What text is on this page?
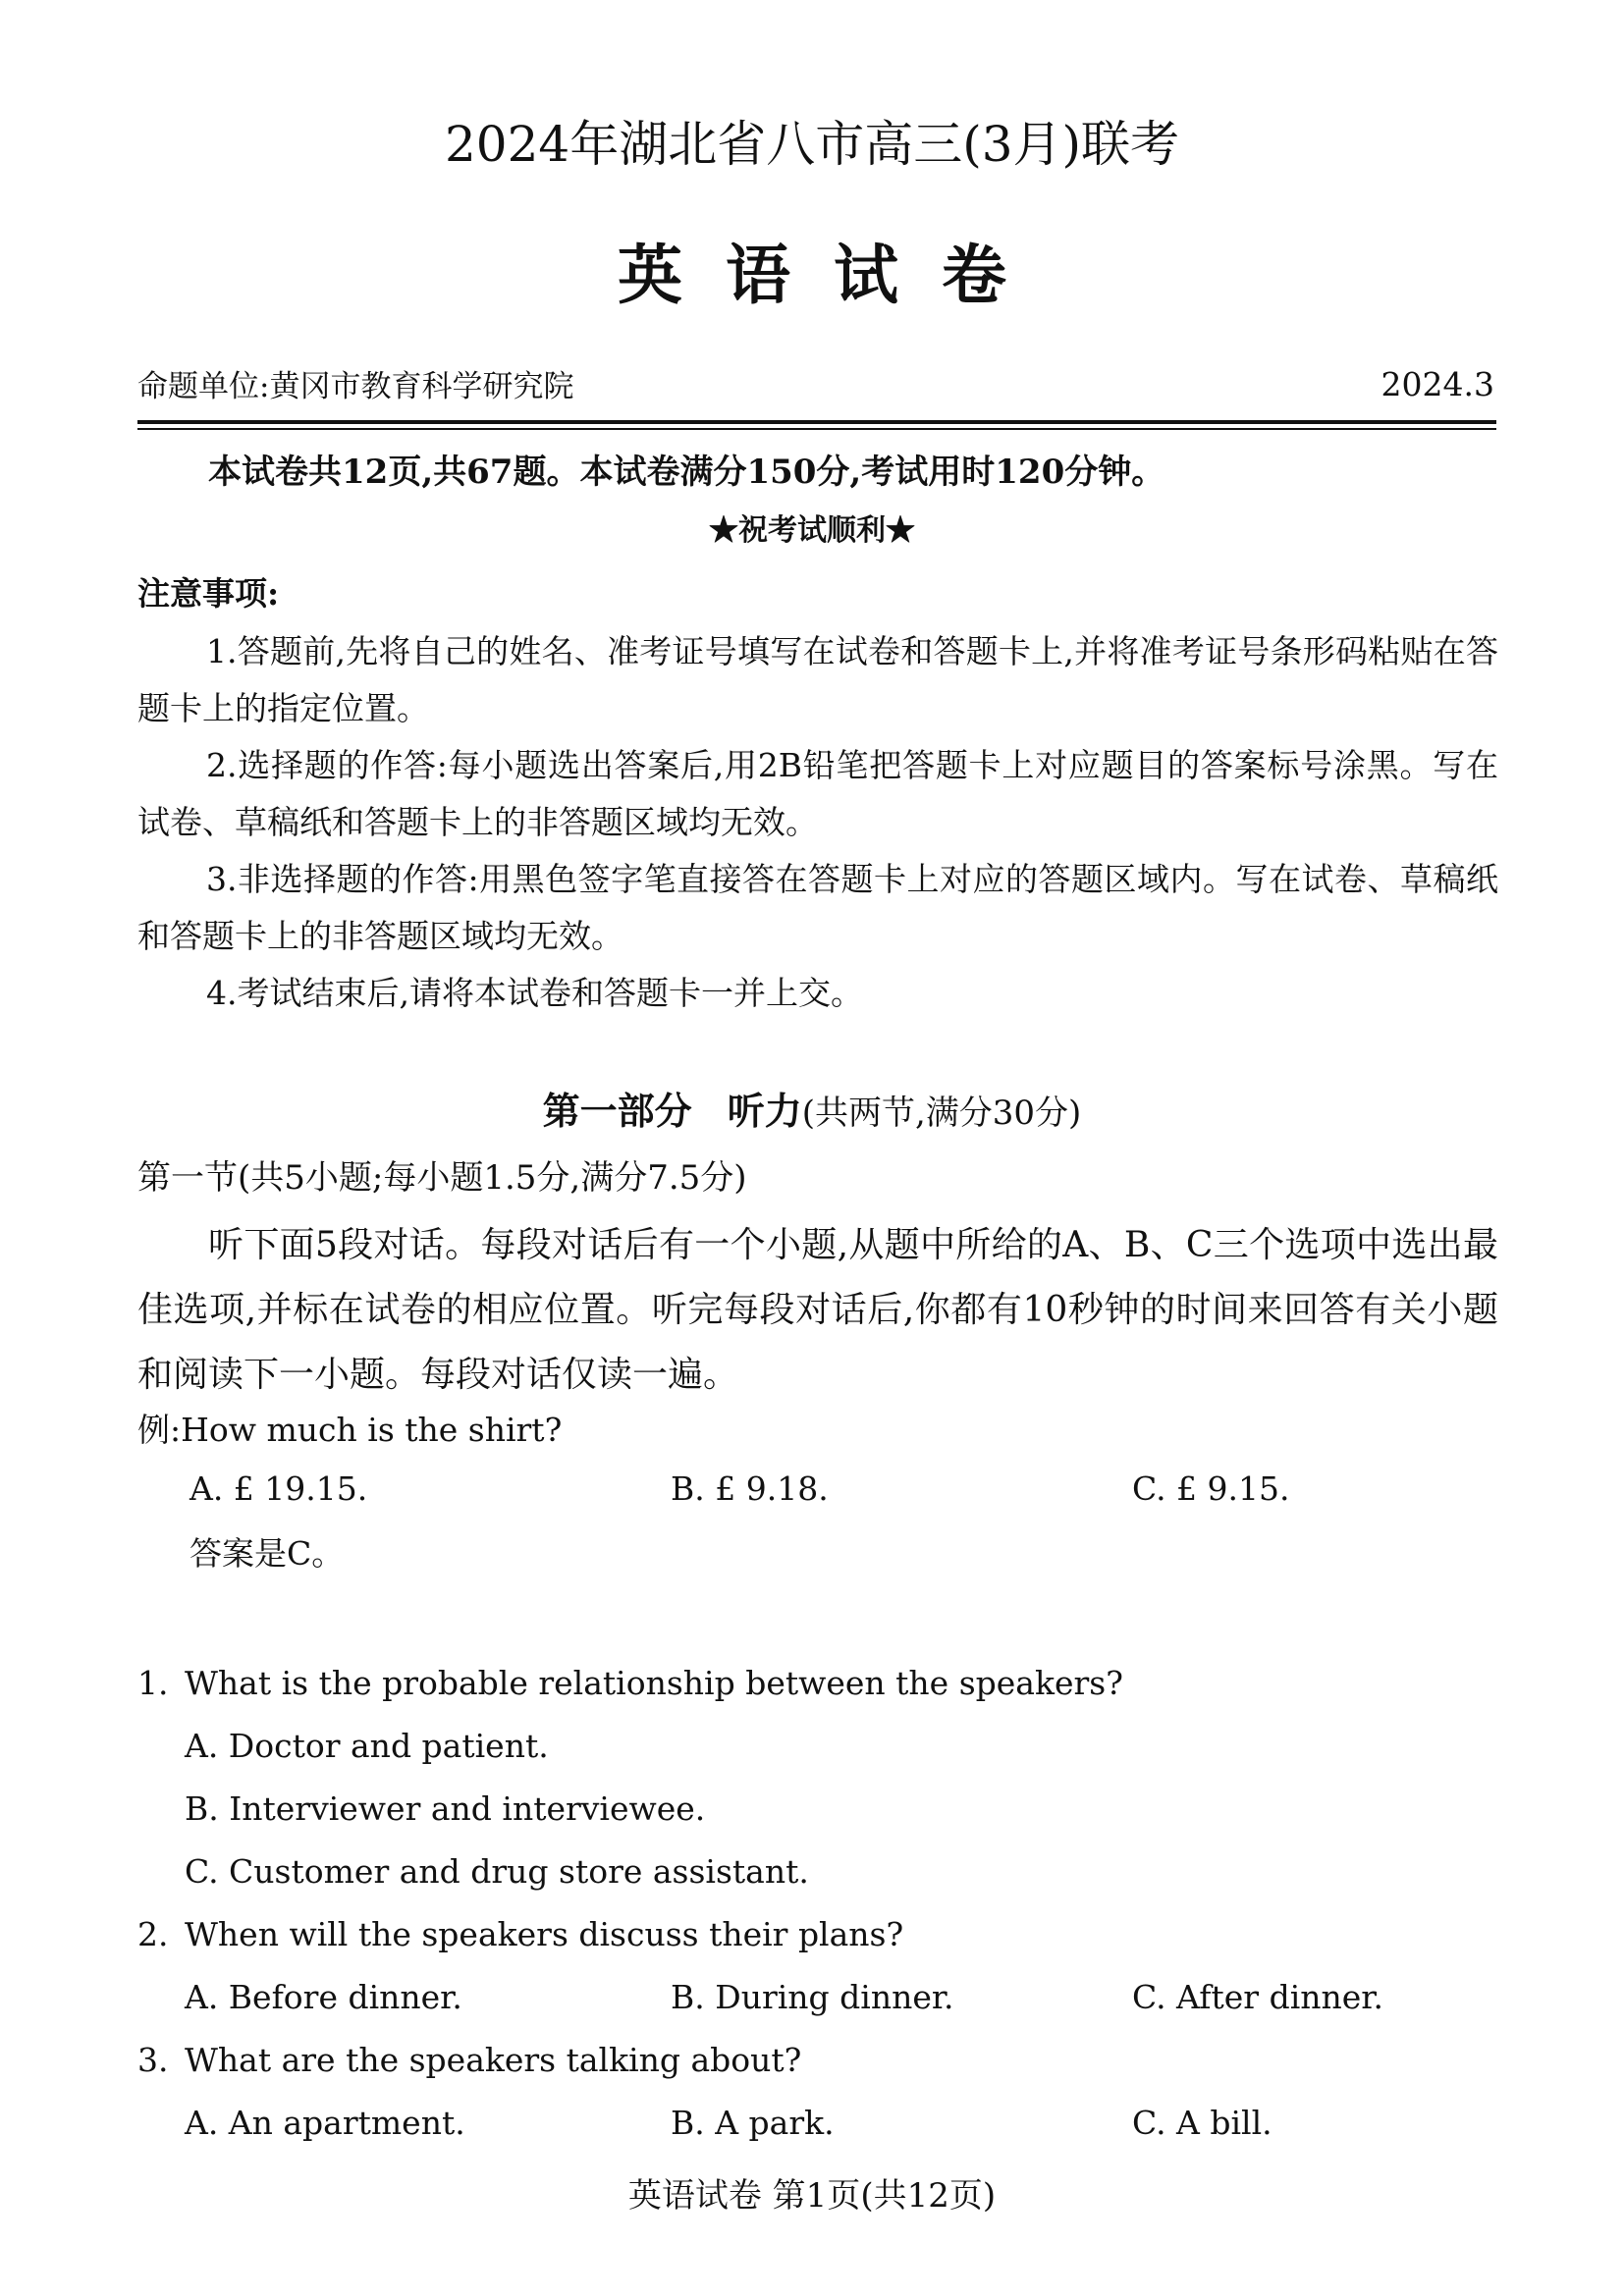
2024年湖北省八市高三(3月)联考
英语试卷
命题单位:黄冈市教育科学研究院	2024.3
本试卷共12页,共67题。本试卷满分150分,考试用时120分钟。
★祝考试顺利★
注意事项:

1.答题前,先将自己的姓名、准考证号填写在试卷和答题卡上,并将准考证号条形码粘贴在答题卡上的指定位置。

2.选择题的作答:每小题选出答案后,用2B铅笔把答题卡上对应题目的答案标号涂黑。写在试卷、草稿纸和答题卡上的非答题区域均无效。

3.非选择题的作答:用黑色签字笔直接答在答题卡上对应的答题区域内。写在试卷、草稿纸和答题卡上的非答题区域均无效。

4.考试结束后,请将本试卷和答题卡一并上交。

第一部分 听力(共两节,满分30分)
第一节(共5小题;每小题1.5分,满分7.5分)

听下面5段对话。每段对话后有一个小题,从题中所给的A、B、C三个选项中选出最佳选项,并标在试卷的相应位置。听完每段对话后,你都有10秒钟的时间来回答有关小题和阅读下一小题。每段对话仅读一遍。

例:How much is the shirt?
A. £ 19.15.	B. £ 9.18.	C. £ 9.15.
答案是C。
1. What is the probable relationship between the speakers?
A. Doctor and patient.
B. Interviewer and interviewee.
C. Customer and drug store assistant.
2. When will the speakers discuss their plans?
A. Before dinner.	B. During dinner.	C. After dinner.
3. What are the speakers talking about?
A. An apartment.	B. A park.	C. A bill.
英语试卷 第1页(共12页)
